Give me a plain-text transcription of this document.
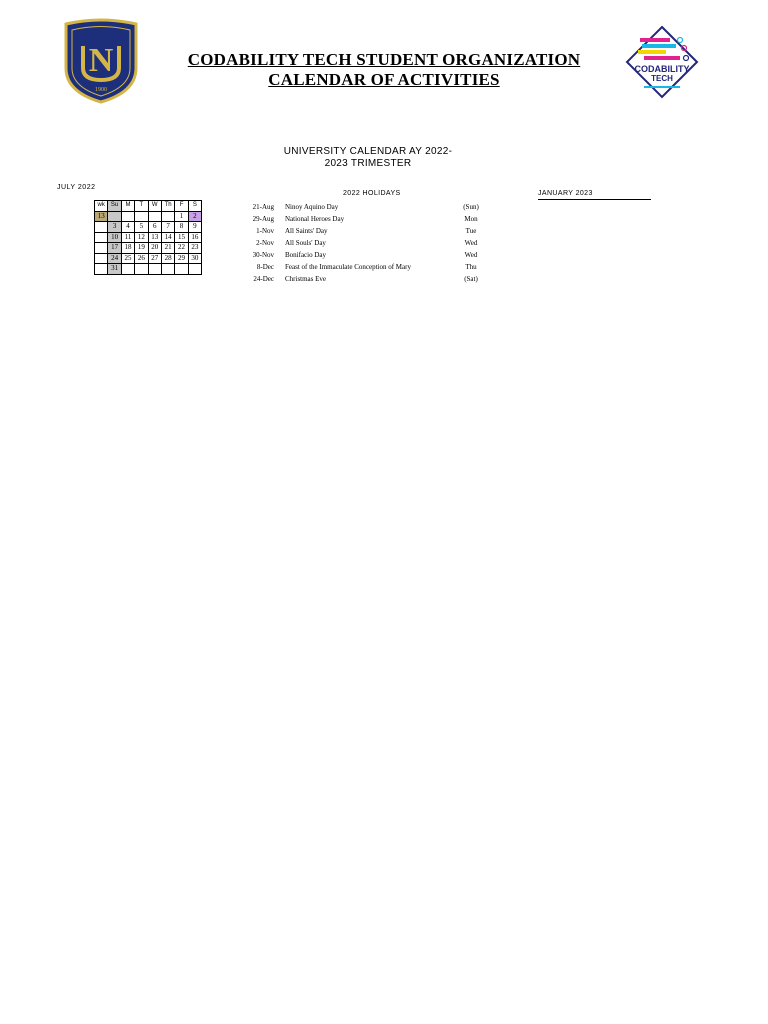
N
1900
CODABILITY
TECH
CODABILITY TECH STUDENT ORGANIZATION
CALENDAR OF ACTIVITIES
UNIVERSITY CALENDAR AY 2022-
2023 TRIMESTER
JULY 2022
wk	Su	M	T	W	Th	F	S
13						1	2
	3	4	5	6	7	8	9
	10	11	12	13	14	15	16
	17	18	19	20	21	22	23
	24	25	26	27	28	29	30
	31						
2022 HOLIDAYS
21-Aug Ninoy Aquino Day	(Sun)
29-Aug National Heroes Day	Mon
1-Nov All Saints' Day	Tue
2-Nov All Souls' Day	Wed
30-Nov Bonifacio Day	Wed
8-Dec Feast of the Immaculate Conception of Mary	Thu
24-Dec Christmas Eve	(Sat)
JANUARY 2023
